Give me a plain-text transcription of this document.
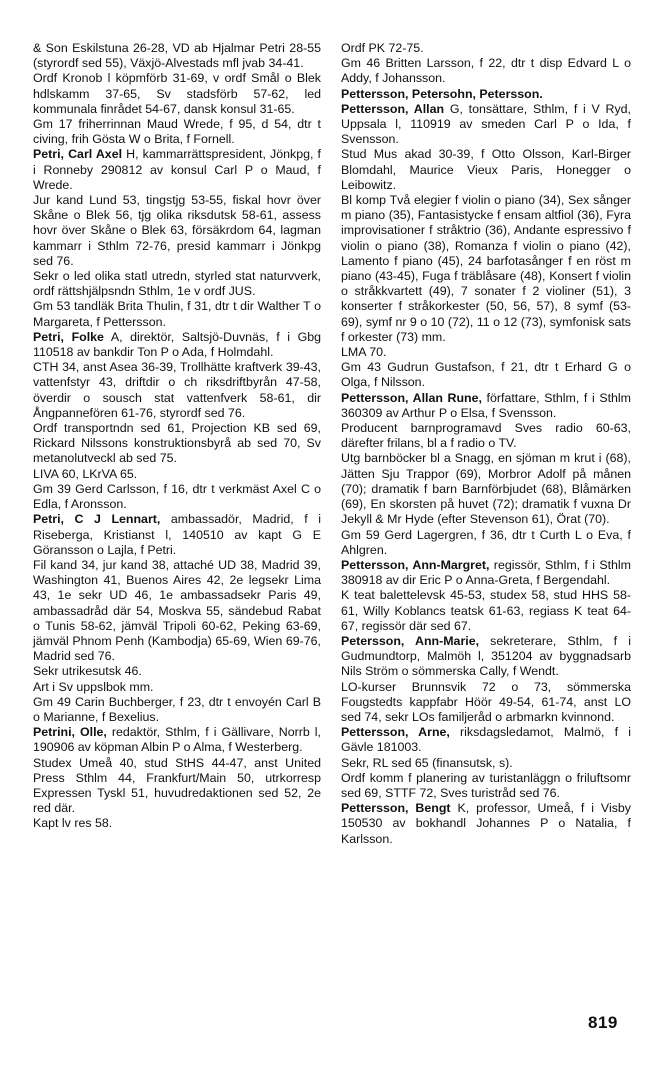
& Son Eskilstuna 26-28, VD ab Hjalmar Petri 28-55 (styrordf sed 55), Växjö-Alvestads mfl jvab 34-41.

Ordf Kronob l köpmförb 31-69, v ordf Smål o Blek hdlskamm 37-65, Sv stadsförb 57-62, led kommunala finrådet 54-67, dansk konsul 31-65.

Gm 17 friherrinnan Maud Wrede, f 95, d 54, dtr t civing, frih Gösta W o Brita, f Fornell.

Petri, Carl Axel H, kammarrättspresident, Jönkpg, f i Ronneby 290812 av konsul Carl P o Maud, f Wrede.

Jur kand Lund 53, tingstjg 53-55, fiskal hovr över Skåne o Blek 56, tjg olika riksdutsk 58-61, assess hovr över Skåne o Blek 63, försäkrdom 64, lagman kammarr i Sthlm 72-76, presid kammarr i Jönkpg sed 76.

Sekr o led olika statl utredn, styrled stat naturvverk, ordf rättshjälpsndn Sthlm, 1e v ordf JUS.

Gm 53 tandläk Brita Thulin, f 31, dtr t dir Walther T o Margareta, f Pettersson.

Petri, Folke A, direktör, Saltsjö-Duvnäs, f i Gbg 110518 av bankdir Ton P o Ada, f Holmdahl.

CTH 34, anst Asea 36-39, Trollhätte kraftverk 39-43, vattenfstyr 43, driftdir o ch riksdriftbyrån 47-58, överdir o sousch stat vattenfverk 58-61, dir Ångpannefören 61-76, styrordf sed 76.

Ordf transportndn sed 61, Projection KB sed 69, Rickard Nilssons konstruktionsbyrå ab sed 70, Sv metanolutveckl ab sed 75.

LIVA 60, LKrVA 65.

Gm 39 Gerd Carlsson, f 16, dtr t verkmäst Axel C o Edla, f Aronsson.

Petri, C J Lennart, ambassadör, Madrid, f i Riseberga, Kristianst l, 140510 av kapt G E Göransson o Lajla, f Petri.

Fil kand 34, jur kand 38, attaché UD 38, Madrid 39, Washington 41, Buenos Aires 42, 2e legsekr Lima 43, 1e sekr UD 46, 1e ambassadsekr Paris 49, ambassadråd där 54, Moskva 55, sändebud Rabat o Tunis 58-62, jämväl Tripoli 60-62, Peking 63-69, jämväl Phnom Penh (Kambodja) 65-69, Wien 69-76, Madrid sed 76.

Sekr utrikesutsk 46.

Art i Sv uppslbok mm.

Gm 49 Carin Buchberger, f 23, dtr t envoyén Carl B o Marianne, f Bexelius.

Petrini, Olle, redaktör, Sthlm, f i Gällivare, Norrb l, 190906 av köpman Albin P o Alma, f Westerberg.

Studex Umeå 40, stud StHS 44-47, anst United Press Sthlm 44, Frankfurt/Main 50, utrkorresp Expressen Tyskl 51, huvudredaktionen sed 52, 2e red där.

Kapt lv res 58.

Ordf PK 72-75.

Gm 46 Britten Larsson, f 22, dtr t disp Edvard L o Addy, f Johansson.

Pettersson, Petersohn, Petersson.

Pettersson, Allan G, tonsättare, Sthlm, f i V Ryd, Uppsala l, 110919 av smeden Carl P o Ida, f Svensson.

Stud Mus akad 30-39, f Otto Olsson, Karl-Birger Blomdahl, Maurice Vieux Paris, Honegger o Leibowitz.

Bl komp Två elegier f violin o piano (34), Sex sånger m piano (35), Fantasistycke f ensam altfiol (36), Fyra improvisationer f stråktrio (36), Andante espressivo f violin o piano (38), Romanza f violin o piano (42), Lamento f piano (45), 24 barfotasånger f en röst m piano (43-45), Fuga f träblåsare (48), Konsert f violin o stråkkvartett (49), 7 sonater f 2 violiner (51), 3 konserter f stråkorkester (50, 56, 57), 8 symf (53-69), symf nr 9 o 10 (72), 11 o 12 (73), symfonisk sats f orkester (73) mm.

LMA 70.

Gm 43 Gudrun Gustafson, f 21, dtr t Erhard G o Olga, f Nilsson.

Pettersson, Allan Rune, författare, Sthlm, f i Sthlm 360309 av Arthur P o Elsa, f Svensson.

Producent barnprogramavd Sves radio 60-63, därefter frilans, bl a f radio o TV.

Utg barnböcker bl a Snagg, en sjöman m krut i (68), Jätten Sju Trappor (69), Morbror Adolf på månen (70); dramatik f barn Barnförbjudet (68), Blåmärken (69), En skorsten på huvet (72); dramatik f vuxna Dr Jekyll & Mr Hyde (efter Stevenson 61), Örat (70).

Gm 59 Gerd Lagergren, f 36, dtr t Curth L o Eva, f Ahlgren.

Pettersson, Ann-Margret, regissör, Sthlm, f i Sthlm 380918 av dir Eric P o Anna-Greta, f Bergendahl.

K teat balettelevsk 45-53, studex 58, stud HHS 58-61, Willy Koblancs teatsk 61-63, regiass K teat 64-67, regissör där sed 67.

Petersson, Ann-Marie, sekreterare, Sthlm, f i Gudmundtorp, Malmöh l, 351204 av byggnadsarb Nils Ström o sömmerska Cally, f Wendt.

LO-kurser Brunnsvik 72 o 73, sömmerska Fougstedts kappfabr Höör 49-54, 61-74, anst LO sed 74, sekr LOs familjeråd o arbmarkn kvinnond.

Pettersson, Arne, riksdagsledamot, Malmö, f i Gävle 181003.

Sekr, RL sed 65 (finansutsk, s).

Ordf komm f planering av turistanläggn o friluftsomr sed 69, STTF 72, Sves turistråd sed 76.

Pettersson, Bengt K, professor, Umeå, f i Visby 150530 av bokhandl Johannes P o Natalia, f Karlsson.

819
